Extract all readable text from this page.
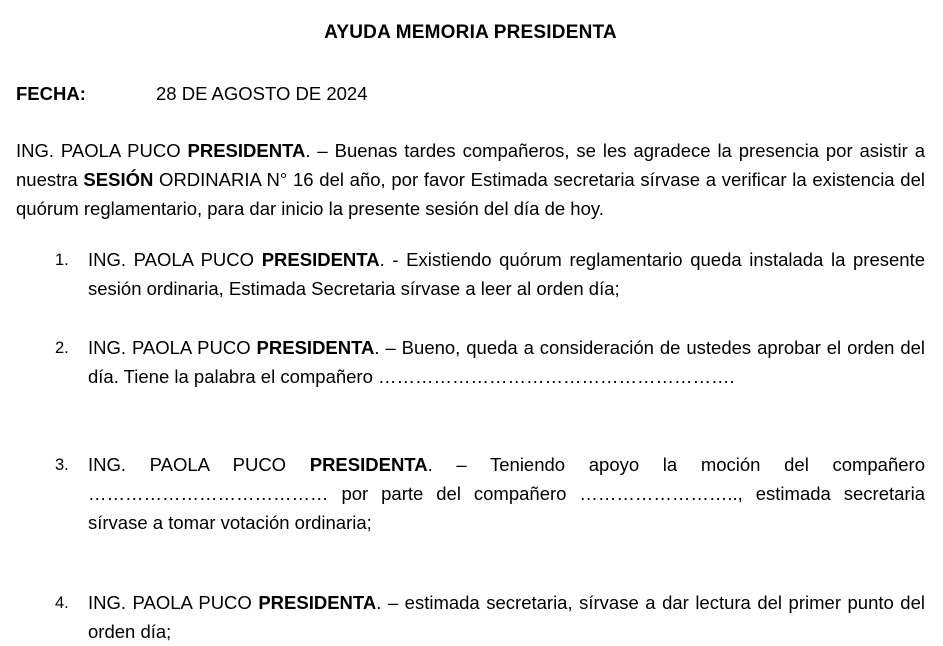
AYUDA MEMORIA PRESIDENTA
FECHA:	28 DE AGOSTO DE 2024

ING. PAOLA PUCO PRESIDENTA. – Buenas tardes compañeros, se les agradece la presencia por asistir a nuestra SESIÓN ORDINARIA N° 16 del año, por favor Estimada secretaria sírvase a verificar la existencia del quórum reglamentario, para dar inicio la presente sesión del día de hoy.

1. ING. PAOLA PUCO PRESIDENTA. - Existiendo quórum reglamentario queda instalada la presente sesión ordinaria, Estimada Secretaria sírvase a leer al orden día;
2. ING. PAOLA PUCO PRESIDENTA. – Bueno, queda a consideración de ustedes aprobar el orden del día. Tiene la palabra el compañero ………………………………………………….
3. ING. PAOLA PUCO PRESIDENTA. – Teniendo apoyo la moción del compañero ………………………………… por parte del compañero …………………….., estimada secretaria sírvase a tomar votación ordinaria;
4. ING. PAOLA PUCO PRESIDENTA. – estimada secretaria, sírvase a dar lectura del primer punto del orden día;
